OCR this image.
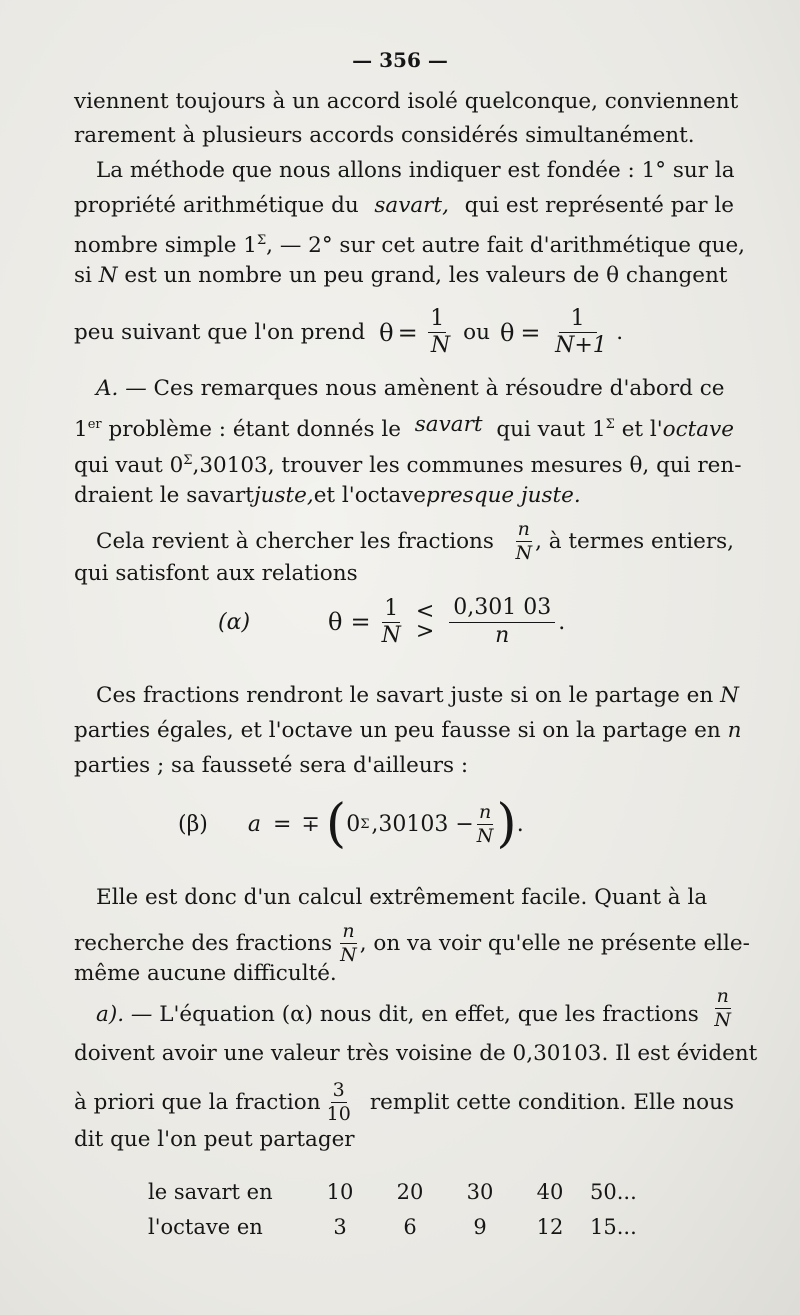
— 356 —
viennent toujours à un accord isolé quelconque, conviennent
rarement à plusieurs accords considérés simultanément.
La méthode que nous allons indiquer est fondée : 1° sur la
propriété arithmétique du savart, qui est représenté par le
nombre simple $1^\Sigma$, — 2° sur cet autre fait d'arithmétique que,
si N est un nombre un peu grand, les valeurs de θ changent
peu suivant que l'on prend $\theta = \frac{1}{N}$ ou $\theta = \frac{1}{N+1}$ .
A. — Ces remarques nous amènent à résoudre d'abord ce
1er problème : étant donnés le savart qui vaut $1^\Sigma$ et l'octave
qui vaut $0^\Sigma,30103$, trouver les communes mesures θ, qui ren-
draient le savart juste, et l'octave presque juste.
Cela revient à chercher les fractions $\frac{n}{N}$ , à termes entiers,
qui satisfont aux relations
(α)	$\theta = \frac{1}{N}$ <
> $\frac{0,301 03}{n}$ .
Ces fractions rendront le savart juste si on le partage en N
parties égales, et l'octave un peu fausse si on la partage en n
parties ; sa fausseté sera d'ailleurs :
(β) a = ∓ ( 0 Σ $,30103 - \frac{n}{N}$ ) .
Elle est donc d'un calcul extrêmement facile. Quant à la
recherche des fractions $\frac{n}{N}$ , on va voir qu'elle ne présente elle-
même aucune difficulté.
a). — L'équation (α) nous dit, en effet, que les fractions $\frac{n}{N}$
doivent avoir une valeur très voisine de 0,30103. Il est évident
à priori que la fraction $\frac{3}{10}$ remplit cette condition. Elle nous
dit que l'on peut partager
le savart en	10	20	30	40	50...
l'octave en	3	6	9	12	15...
